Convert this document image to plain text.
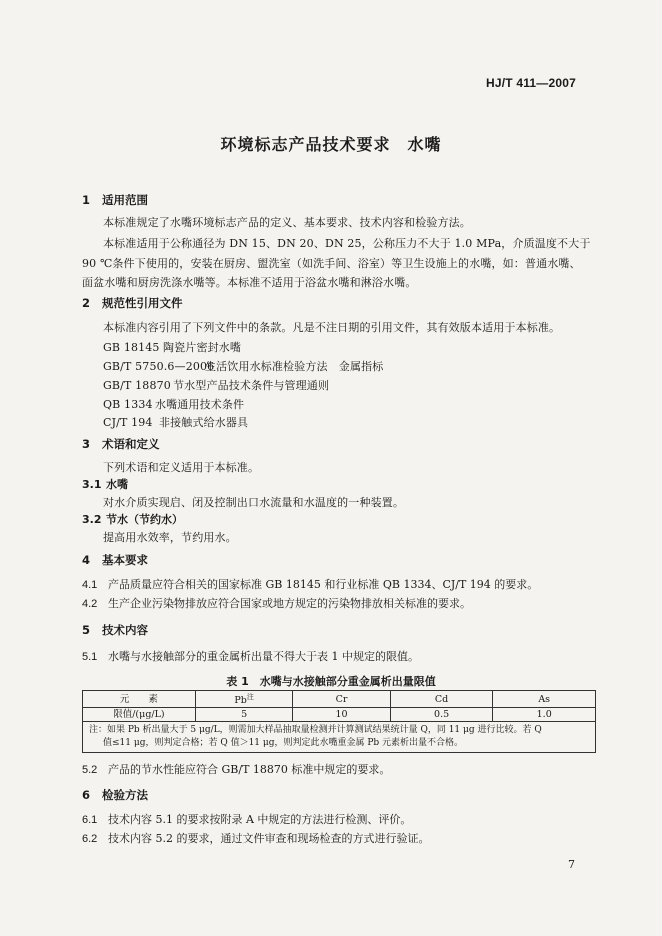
HJ/T 411—2007
环境标志产品技术要求　水嘴
1 适用范围
本标准规定了水嘴环境标志产品的定义、基本要求、技术内容和检验方法。
本标准适用于公称通径为 DN 15、DN 20、DN 25，公称压力不大于 1.0 MPa，介质温度不大于
90 ℃条件下使用的，安装在厨房、盥洗室（如洗手间、浴室）等卫生设施上的水嘴，如：普通水嘴、
面盆水嘴和厨房洗涤水嘴等。本标准不适用于浴盆水嘴和淋浴水嘴。
2 规范性引用文件
本标准内容引用了下列文件中的条款。凡是不注日期的引用文件，其有效版本适用于本标准。
GB 18145 陶瓷片密封水嘴
GB/T 5750.6—2006生活饮用水标准检验方法　金属指标
GB/T 18870 节水型产品技术条件与管理通则
QB 1334 水嘴通用技术条件
CJ/T 194 非接触式给水器具
3 术语和定义
下列术语和定义适用于本标准。
3.1 水嘴
对水介质实现启、闭及控制出口水流量和水温度的一种装置。
3.2 节水（节约水）
提高用水效率，节约用水。
4 基本要求
4.1 产品质量应符合相关的国家标准 GB 18145 和行业标准 QB 1334、CJ/T 194 的要求。
4.2 生产企业污染物排放应符合国家或地方规定的污染物排放相关标准的要求。
5 技术内容
5.1 水嘴与水接触部分的重金属析出量不得大于表 1 中规定的限值。
表 1　水嘴与水接触部分重金属析出量限值
元　　素	$Pb^注$	Cr	Cd	As
限值/(μg/L)	5	10	0.5	1.0

注：如果 Pb 析出量大于 5 μg/L，则需加大样品抽取量检测并计算测试结果统计量 Q，同 11 μg 进行比较。若 Q
值≤11 μg，则判定合格；若 Q 值＞11 μg，则判定此水嘴重金属 Pb 元素析出量不合格。				
5.2 产品的节水性能应符合 GB/T 18870 标准中规定的要求。
6 检验方法
6.1 技术内容 5.1 的要求按附录 A 中规定的方法进行检测、评价。
6.2 技术内容 5.2 的要求，通过文件审查和现场检查的方式进行验证。
7
